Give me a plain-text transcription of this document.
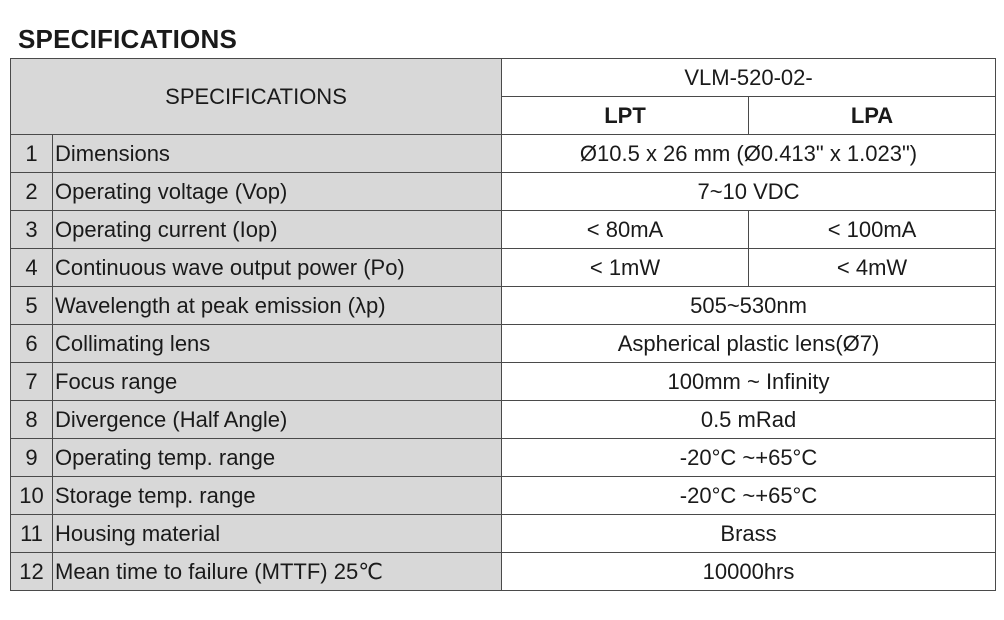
SPECIFICATIONS
SPECIFICATIONS		VLM-520-02-	
		LPT	LPA
1	Dimensions	Ø10.5 x 26 mm (Ø0.413" x 1.023")	
2	Operating voltage (Vop)	7~10 VDC	
3	Operating current (Iop)	< 80mA	< 100mA
4	Continuous wave output power (Po)	< 1mW	< 4mW
5	Wavelength at peak emission (λp)	505~530nm	
6	Collimating lens	Aspherical plastic lens(Ø7)	
7	Focus range	100mm ~ Infinity	
8	Divergence (Half Angle)	0.5 mRad	
9	Operating temp. range	-20°C ~+65°C	
10	Storage temp. range	-20°C ~+65°C	
11	Housing material	Brass	
12	Mean time to failure (MTTF) 25℃	10000hrs	
